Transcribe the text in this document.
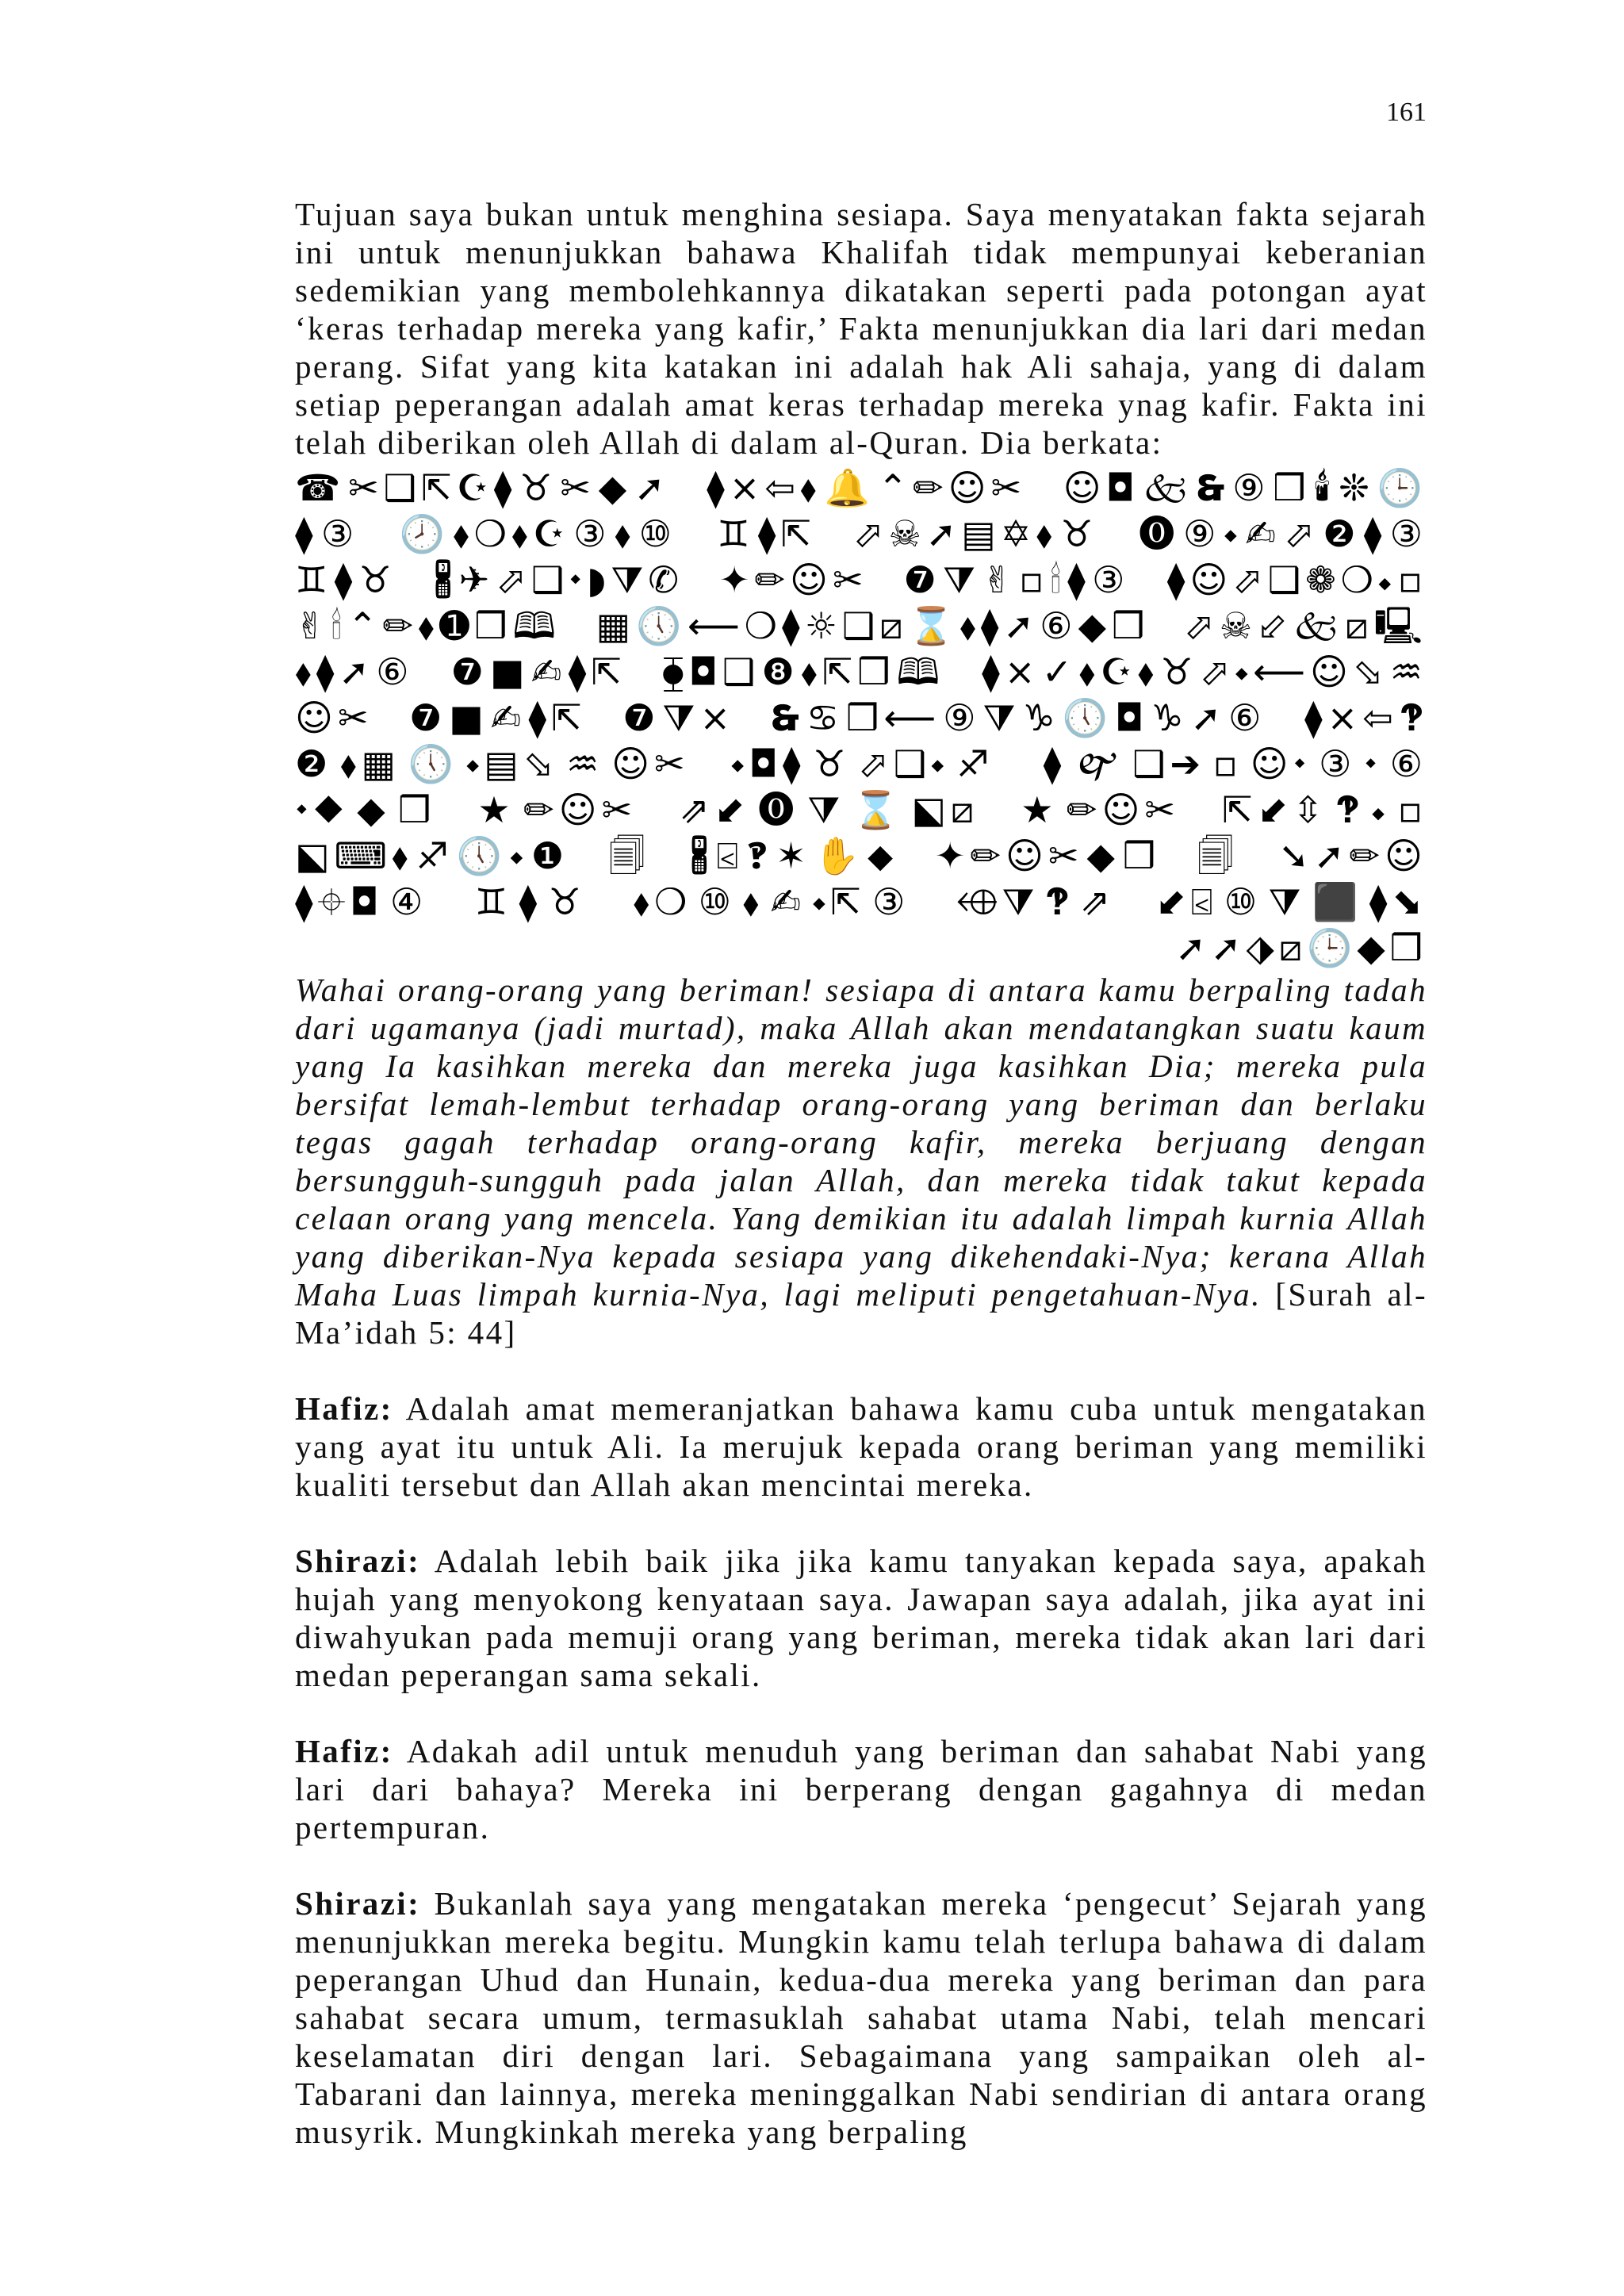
161

Tujuan saya bukan untuk menghina sesiapa. Saya menyatakan fakta sejarah ini untuk menunjukkan bahawa Khalifah tidak mempunyai keberanian sedemikian yang membolehkannya dikatakan seperti pada potongan ayat ‘keras terhadap mereka yang kafir,’ Fakta menunjukkan dia lari dari medan perang. Sifat yang kita katakan ini adalah hak Ali sahaja, yang di dalam setiap peperangan adalah amat keras terhadap mereka ynag kafir. Fakta ini telah diberikan oleh Allah di dalam al-Quran. Dia berkata:

☎✂❑⇱☪⧫♉✂◆➚ ⧫×⇦⬧🔔⌃✏☺✂ ☺◘🙵🙳⑨❒🕯❊🕒⧫③ 🕗⬧❍⬧☪③⬧⑩ ♊⧫⇱ ⬀☠➚▤✡⬧♉ ⓿⑨⬩✍⬀❷⧫③ ♊⧫♉ 🖁✈⬀❑⬩◗⧩✆ ✦✏☺✂ ❼⧩✌▫🕯⧫③ ⧫☺⬀❑❁❍⬩▫ ✌🕯⌃✏⬧➊❒🕮 ▦🕔⟵❍⧫☼❑⧄⌛⬧⧫➚⑥◆❒ ⬀☠⬃🙵⧄🖳⬧⧫➚⑥ ❼■✍⧫⇱ ⧳◘❑❽⬧⇱❒🕮 ⧫×✓⬧☪⬧♉⬀⬩⟵☺⬂♒☺✂ ❼■✍⧫⇱ ❼⧩× 🙳♋❒⟵⑨⧩♑🕔◘♑➚⑥ ⧫×⇦🙻❷⬧▦🕔⬩▤⬂♒☺✂ ⬩◘⧫♉⬀❑⬩♐ ⧫🙰❑➔▫☺⬩③⬩⑥ ⬩⬥◆❒ ★✏☺✂ ⇗⬋⓿⧩⌛⬕⧄ ★✏☺✂ ⇱⬋⇳🙻⬩▫ ⬕⌨⬧♐🕔⬩❶ 🗐 🖁⍃🙻✶✋⬥ ✦✏☺✂◆❒ 🗐 ➘➚✏☺⧫⌖◘④ ♊⧫♉ ⬧❍⑩⬧✍⬩⇱③ ⬲⧩🙻⇗ ⬋⍃⑩⧩⬛⧫⬊ ➚➚⬗⧄🕒◆❒

Wahai orang-orang yang beriman! sesiapa di antara kamu berpaling tadah dari ugamanya (jadi murtad), maka Allah akan mendatangkan suatu kaum yang Ia kasihkan mereka dan mereka juga kasihkan Dia; mereka pula bersifat lemah-lembut terhadap orang-orang yang beriman dan berlaku tegas gagah terhadap orang-orang kafir, mereka berjuang dengan bersungguh-sungguh pada jalan Allah, dan mereka tidak takut kepada celaan orang yang mencela. Yang demikian itu adalah limpah kurnia Allah yang diberikan-Nya kepada sesiapa yang dikehendaki-Nya; kerana Allah Maha Luas limpah kurnia-Nya, lagi meliputi pengetahuan-Nya. [Surah al-Ma’idah 5: 44]

Hafiz: Adalah amat memeranjatkan bahawa kamu cuba untuk mengatakan yang ayat itu untuk Ali. Ia merujuk kepada orang beriman yang memiliki kualiti tersebut dan Allah akan mencintai mereka.

Shirazi: Adalah lebih baik jika jika kamu tanyakan kepada saya, apakah hujah yang menyokong kenyataan saya. Jawapan saya adalah, jika ayat ini diwahyukan pada memuji orang yang beriman, mereka tidak akan lari dari medan peperangan sama sekali.

Hafiz: Adakah adil untuk menuduh yang beriman dan sahabat Nabi yang lari dari bahaya? Mereka ini berperang dengan gagahnya di medan pertempuran.

Shirazi: Bukanlah saya yang mengatakan mereka ‘pengecut’ Sejarah yang menunjukkan mereka begitu. Mungkin kamu telah terlupa bahawa di dalam peperangan Uhud dan Hunain, kedua-dua mereka yang beriman dan para sahabat secara umum, termasuklah sahabat utama Nabi, telah mencari keselamatan diri dengan lari. Sebagaimana yang sampaikan oleh al-Tabarani dan lainnya, mereka meninggalkan Nabi sendirian di antara orang musyrik. Mungkinkah mereka yang berpaling
